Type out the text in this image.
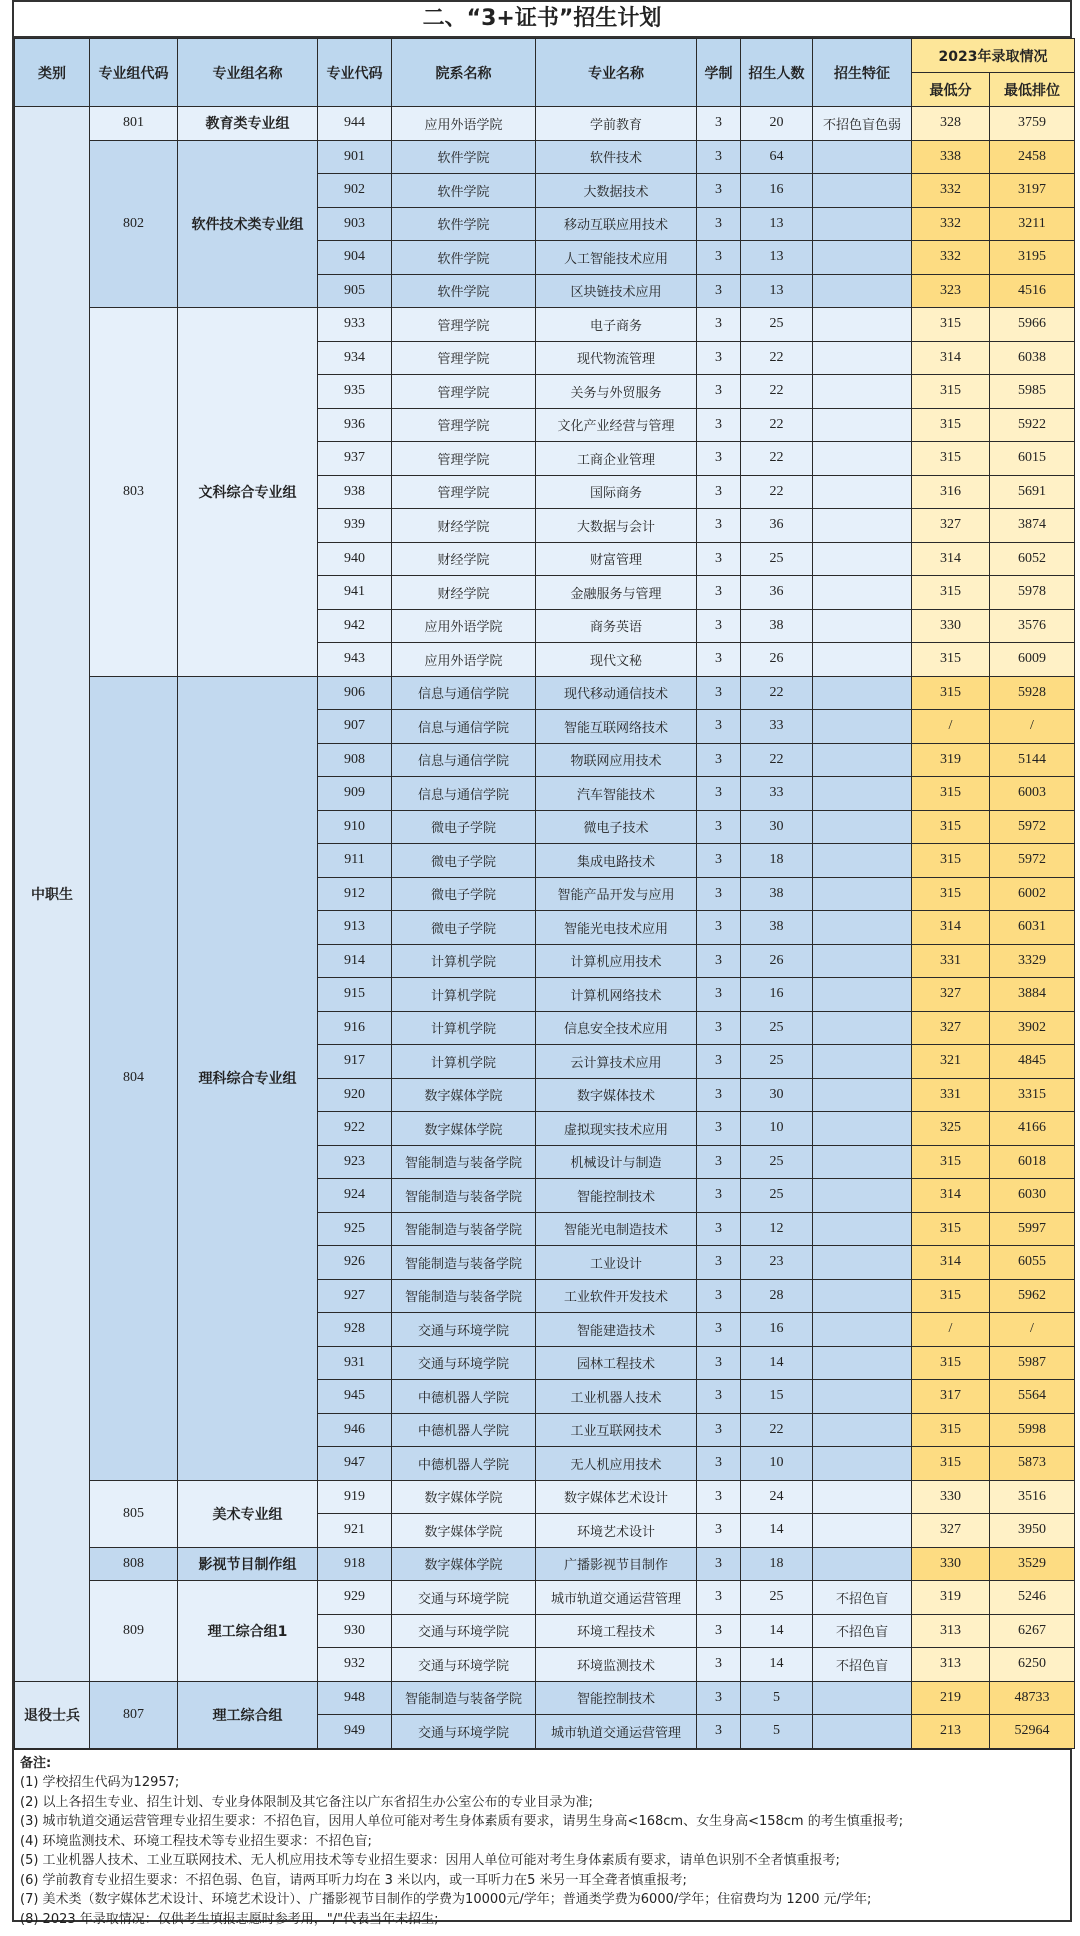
二、“3+证书”招生计划
类别	专业组代码	专业组名称	专业代码	院系名称	专业名称	学制	招生人数	招生特征	2023年录取情况	
									最低分	最低排位
中职生	801	教育类专业组	944	应用外语学院	学前教育	3	20	不招色盲色弱	328	3759
	802	软件技术类专业组	901	软件学院	软件技术	3	64		338	2458
			902	软件学院	大数据技术	3	16		332	3197
			903	软件学院	移动互联应用技术	3	13		332	3211
			904	软件学院	人工智能技术应用	3	13		332	3195
			905	软件学院	区块链技术应用	3	13		323	4516
	803	文科综合专业组	933	管理学院	电子商务	3	25		315	5966
			934	管理学院	现代物流管理	3	22		314	6038
			935	管理学院	关务与外贸服务	3	22		315	5985
			936	管理学院	文化产业经营与管理	3	22		315	5922
			937	管理学院	工商企业管理	3	22		315	6015
			938	管理学院	国际商务	3	22		316	5691
			939	财经学院	大数据与会计	3	36		327	3874
			940	财经学院	财富管理	3	25		314	6052
			941	财经学院	金融服务与管理	3	36		315	5978
			942	应用外语学院	商务英语	3	38		330	3576
			943	应用外语学院	现代文秘	3	26		315	6009
	804	理科综合专业组	906	信息与通信学院	现代移动通信技术	3	22		315	5928
			907	信息与通信学院	智能互联网络技术	3	33		/	/
			908	信息与通信学院	物联网应用技术	3	22		319	5144
			909	信息与通信学院	汽车智能技术	3	33		315	6003
			910	微电子学院	微电子技术	3	30		315	5972
			911	微电子学院	集成电路技术	3	18		315	5972
			912	微电子学院	智能产品开发与应用	3	38		315	6002
			913	微电子学院	智能光电技术应用	3	38		314	6031
			914	计算机学院	计算机应用技术	3	26		331	3329
			915	计算机学院	计算机网络技术	3	16		327	3884
			916	计算机学院	信息安全技术应用	3	25		327	3902
			917	计算机学院	云计算技术应用	3	25		321	4845
			920	数字媒体学院	数字媒体技术	3	30		331	3315
			922	数字媒体学院	虚拟现实技术应用	3	10		325	4166
			923	智能制造与装备学院	机械设计与制造	3	25		315	6018
			924	智能制造与装备学院	智能控制技术	3	25		314	6030
			925	智能制造与装备学院	智能光电制造技术	3	12		315	5997
			926	智能制造与装备学院	工业设计	3	23		314	6055
			927	智能制造与装备学院	工业软件开发技术	3	28		315	5962
			928	交通与环境学院	智能建造技术	3	16		/	/
			931	交通与环境学院	园林工程技术	3	14		315	5987
			945	中德机器人学院	工业机器人技术	3	15		317	5564
			946	中德机器人学院	工业互联网技术	3	22		315	5998
			947	中德机器人学院	无人机应用技术	3	10		315	5873
	805	美术专业组	919	数字媒体学院	数字媒体艺术设计	3	24		330	3516
			921	数字媒体学院	环境艺术设计	3	14		327	3950
	808	影视节目制作组	918	数字媒体学院	广播影视节目制作	3	18		330	3529
	809	理工综合组1	929	交通与环境学院	城市轨道交通运营管理	3	25	不招色盲	319	5246
			930	交通与环境学院	环境工程技术	3	14	不招色盲	313	6267
			932	交通与环境学院	环境监测技术	3	14	不招色盲	313	6250
退役士兵	807	理工综合组	948	智能制造与装备学院	智能控制技术	3	5		219	48733
			949	交通与环境学院	城市轨道交通运营管理	3	5		213	52964
备注:
(1) 学校招生代码为12957;
(2) 以上各招生专业、招生计划、专业身体限制及其它备注以广东省招生办公室公布的专业目录为准;
(3) 城市轨道交通运营管理专业招生要求：不招色盲，因用人单位可能对考生身体素质有要求，请男生身高<168cm、女生身高<158cm 的考生慎重报考;
(4) 环境监测技术、环境工程技术等专业招生要求：不招色盲;
(5) 工业机器人技术、工业互联网技术、无人机应用技术等专业招生要求：因用人单位可能对考生身体素质有要求，请单色识别不全者慎重报考;
(6) 学前教育专业招生要求：不招色弱、色盲，请两耳听力均在 3 米以内，或一耳听力在5 米另一耳全聋者慎重报考;
(7) 美术类（数字媒体艺术设计、环境艺术设计）、广播影视节目制作的学费为10000元/学年；普通类学费为6000/学年；住宿费均为 1200 元/学年;
(8) 2023 年录取情况：仅供考生填报志愿时参考用，"/"代表当年未招生;
